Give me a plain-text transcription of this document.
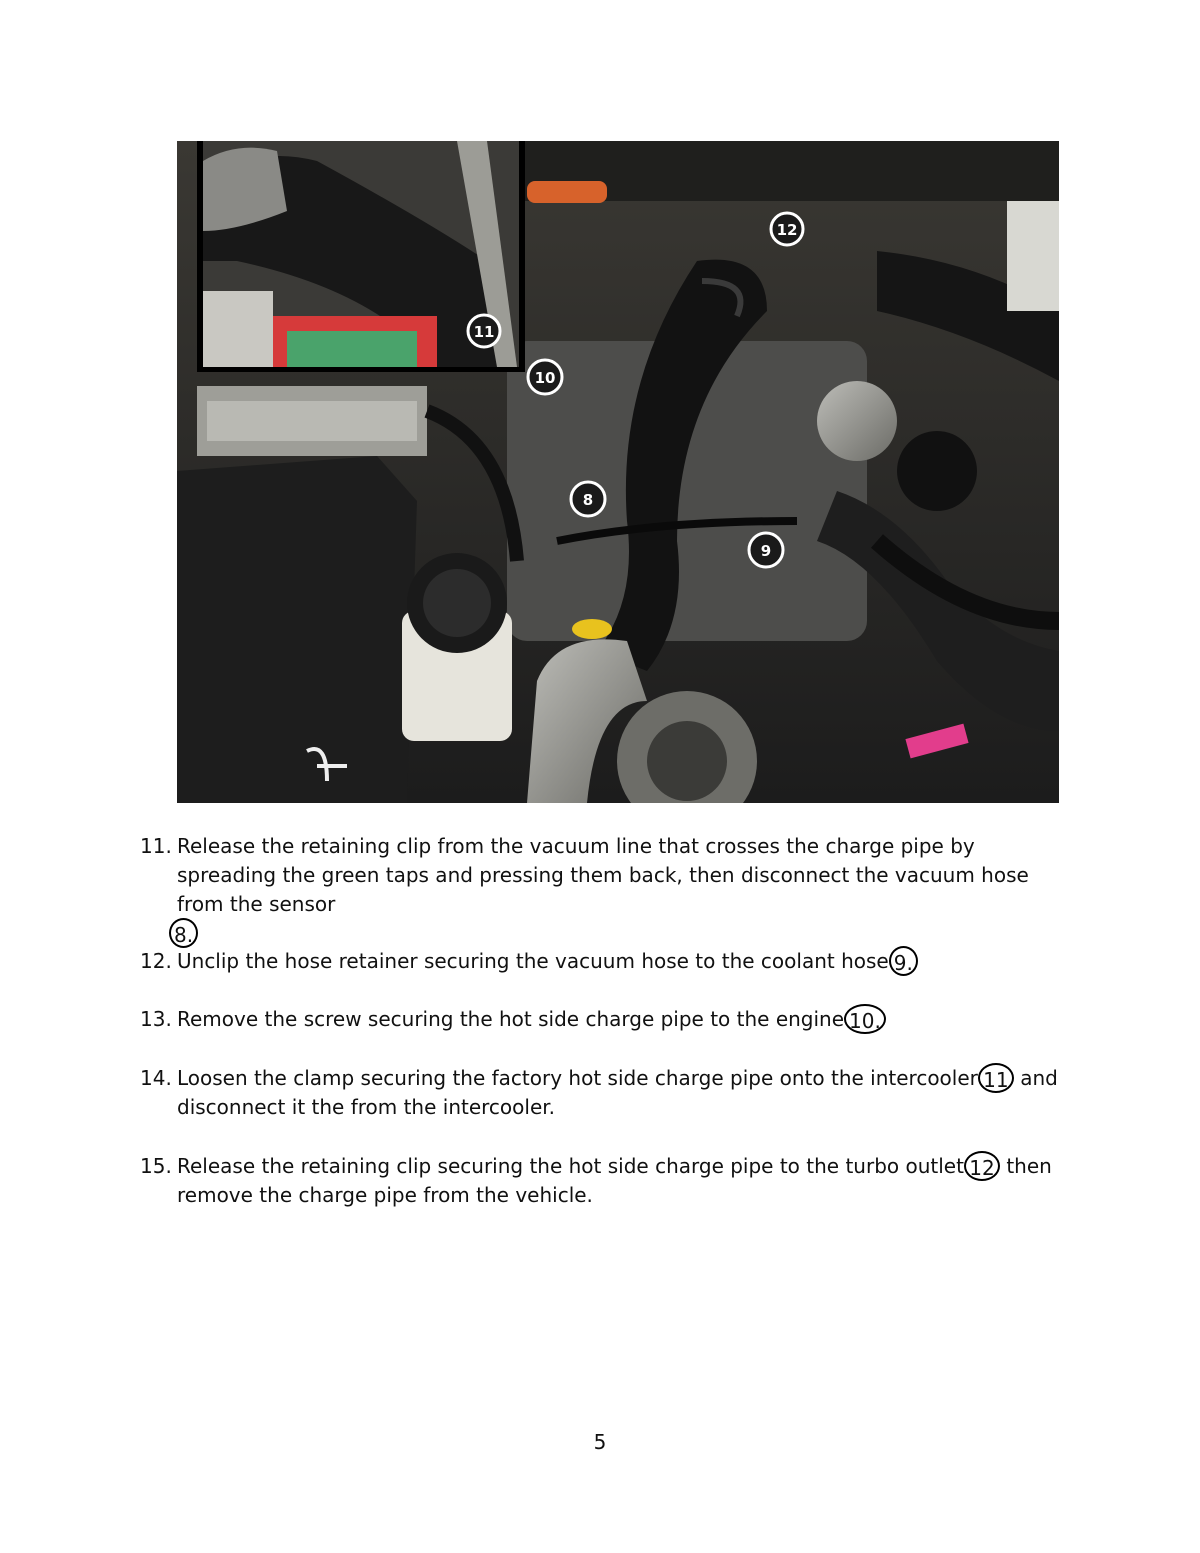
12
11
10
8
9
11. Release the retaining clip from the vacuum line that crosses the charge pipe by spreading the green taps and pressing them back, then disconnect the vacuum hose from the sensor
8.
12. Unclip the hose retainer securing the vacuum hose to the coolant hose 9.
13. Remove the screw securing the hot side charge pipe to the engine 10.
14. Loosen the clamp securing the factory hot side charge pipe onto the intercooler 11 and disconnect it the from the intercooler.
15. Release the retaining clip securing the hot side charge pipe to the turbo outlet 12 then remove the charge pipe from the vehicle.
5
